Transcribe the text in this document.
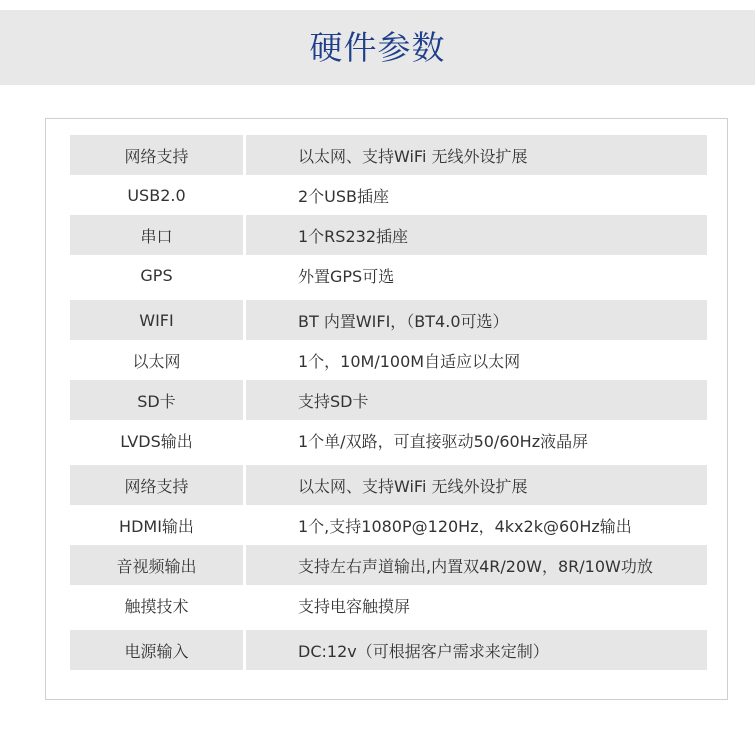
硬件参数
网络支持	以太网、支持WiFi 无线外设扩展
USB2.0	2个USB插座
串口	1个RS232插座
GPS	外置GPS可选

WIFI	BT 内置WIFI，（BT4.0可选）
以太网	1个，10M/100M自适应以太网
SD卡	支持SD卡
LVDS输出	1个单/双路，可直接驱动50/60Hz液晶屏

网络支持	以太网、支持WiFi 无线外设扩展
HDMI输出	1个,支持1080P@120Hz，4kx2k@60Hz输出
音视频输出	支持左右声道输出,内置双4R/20W，8R/10W功放
触摸技术	支持电容触摸屏

电源输入	DC:12v（可根据客户需求来定制）
